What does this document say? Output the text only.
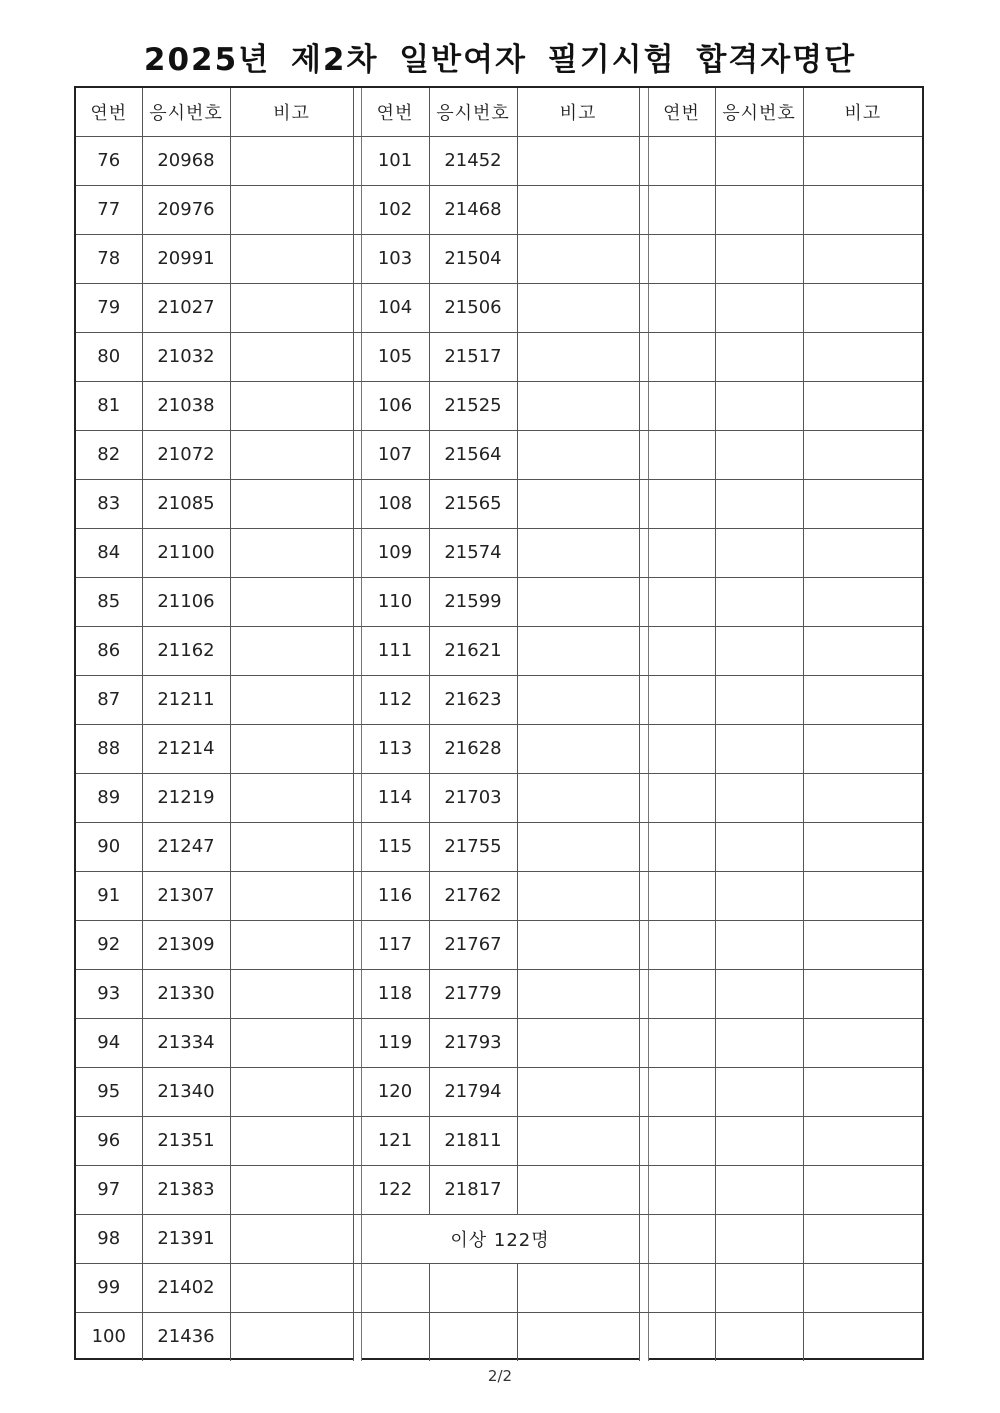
2025년 제2차 일반여자 필기시험 합격자명단
연번	응시번호	비고		연번	응시번호	비고		연번	응시번호	비고
76	20968			101	21452					
77	20976			102	21468					
78	20991			103	21504					
79	21027			104	21506					
80	21032			105	21517					
81	21038			106	21525					
82	21072			107	21564					
83	21085			108	21565					
84	21100			109	21574					
85	21106			110	21599					
86	21162			111	21621					
87	21211			112	21623					
88	21214			113	21628					
89	21219			114	21703					
90	21247			115	21755					
91	21307			116	21762					
92	21309			117	21767					
93	21330			118	21779					
94	21334			119	21793					
95	21340			120	21794					
96	21351			121	21811					
97	21383			122	21817					
98	21391			이상 122명						
99	21402									
100	21436									
2/2
